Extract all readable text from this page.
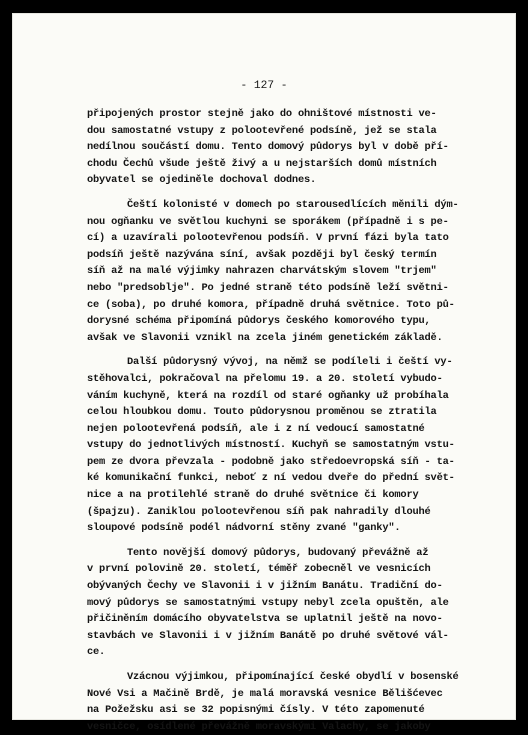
- 127 -
připojených prostor stejně jako do ohništové místnosti ve-
dou samostatné vstupy z polootevřené podsíně, jež se stala
nedílnou součástí domu. Tento domový půdorys byl v době pří-
chodu Čechů všude ještě živý a u nejstarších domů místních
obyvatel se ojediněle dochoval dodnes.
Čeští kolonisté v domech po starousedlících měnili dým-
nou ogňanku ve světlou kuchyni se sporákem (případně i s pe-
cí) a uzavírali polootevřenou podsíň. V první fázi byla tato
podsíň ještě nazývána síní, avšak později byl český termín
síň až na malé výjimky nahrazen charvátským slovem "trjem"
nebo "predsoblje". Po jedné straně této podsíně leží světni-
ce (soba), po druhé komora, případně druhá světnice. Toto pů-
dorysné schéma připomíná půdorys českého komorového typu,
avšak ve Slavonii vznikl na zcela jiném genetickém základě.
Další půdorysný vývoj, na němž se podíleli i čeští vy-
stěhovalci, pokračoval na přelomu 19. a 20. století vybudo-
váním kuchyně, která na rozdíl od staré ogňanky už probíhala
celou hloubkou domu. Touto půdorysnou proměnou se ztratila
nejen polootevřená podsíň, ale i z ní vedoucí samostatné
vstupy do jednotlivých místností. Kuchyň se samostatným vstu-
pem ze dvora převzala - podobně jako středoevropská síň - ta-
ké komunikační funkci, neboť z ní vedou dveře do přední svět-
nice a na protilehlé straně do druhé světnice či komory
(špajzu). Zaniklou polootevřenou síň pak nahradily dlouhé
sloupové podsíně podél nádvorní stěny zvané "ganky".
Tento novější domový půdorys, budovaný převážně až
v první polovině 20. století, téměř zobecněl ve vesnicích
obývaných Čechy ve Slavonii i v jižním Banátu. Tradiční do-
mový půdorys se samostatnými vstupy nebyl zcela opuštěn, ale
přičiněním domácího obyvatelstva se uplatnil ještě na novo-
stavbách ve Slavonii i v jižním Banátě po druhé světové vál-
ce.
Vzácnou výjimkou, připomínající české obydlí v bosenské
Nové Vsi a Mačině Brdě, je malá moravská vesnice Bělišćevec
na Požežsku asi se 32 popisnými čísly. V této zapomenuté
vesničce, osídlené převážně moravskými Valachy, se jakoby
